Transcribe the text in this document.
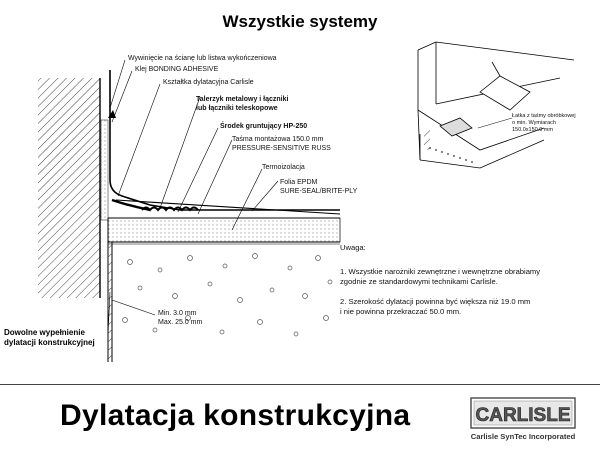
Wszystkie systemy
Wywinięcie na ścianę lub listwa wykończeniowa
Klej BONDING ADHESIVE
Kształtka dylatacyjna Carlisle
Talerzyk metalowy i łączniki
lub łączniki teleskopowe
Środek gruntujący HP-250
Taśma montażowa 150.0 mm
PRESSURE-SENSITIVE RUSS
Termoizolacja
Folia EPDM
SURE-SEAL/BRITE-PLY
Min. 3.0 mm
Max. 25.0 mm
Dowolne wypełnienie
dylatacji konstrukcyjnej
Łatka z taśmy obróbkowej
o min. Wymiarach
150.0x150.0 mm
Uwaga:
1. Wszystkie narożniki zewnętrzne i wewnętrzne obrabiamy
zgodnie ze standardowymi technikami Carlisle.
2. Szerokość dylatacji powinna być większa niż 19.0 mm
i nie powinna przekraczać 50.0 mm.
Dylatacja konstrukcyjna	CARLISLE
Carlisle SynTec Incorporated
